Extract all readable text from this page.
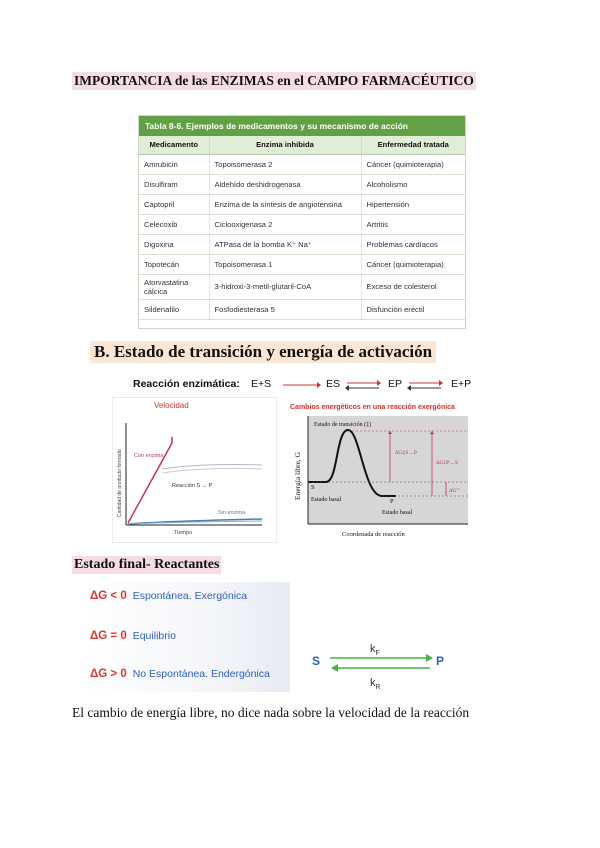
IMPORTANCIA de las ENZIMAS en el CAMPO FARMACÉUTICO
Tabla 8-6. Ejemplos de medicamentos y su mecanismo de acción
Medicamento	Enzima inhibida	Enfermedad tratada
Amrubicin	Topoisomerasa 2	Cáncer (quimioterapia)
Disulfiram	Aldehído deshidrogenasa	Alcoholismo
Captopril	Enzima de la síntesis de angiotensina	Hipertensión
Celecoxib	Ciclooxigenasa 2	Artritis
Digoxina	ATPasa de la bomba K⁺ Na⁺	Problemas cardíacos
Topotecán	Topoisomerasa 1	Cáncer (quimioterapia)
Atorvastatina cálcica	3-hidroxi-3-metil-glutaril-CoA	Exceso de colesterol
Sildenafilo	Fosfodiesterasa 5	Disfunción eréctil
B. Estado de transición y energía de activación
Reacción enzimática: E+S	ES ⇌ EP ⇌ E+P
Velocidad
Cantidad de producto formado
Tiempo
Con enzima
Reacción S → P
Sin enzima
Cambios energéticos en una reacción exergónica
Energía libre, G
Coordenada de reacción
Estado de transición (‡)
ΔG‡S→P
ΔG‡P→S
ΔG°'
S
Estado basal	P
Estado basal
Estado final- Reactantes
ΔG < 0 Espontánea. Exergónica
ΔG = 0 Equilibrio
ΔG > 0 No Espontánea. Endergónica
S	P
$k_F$
$k_R$
El cambio de energía libre, no dice nada sobre la velocidad de la reacción
